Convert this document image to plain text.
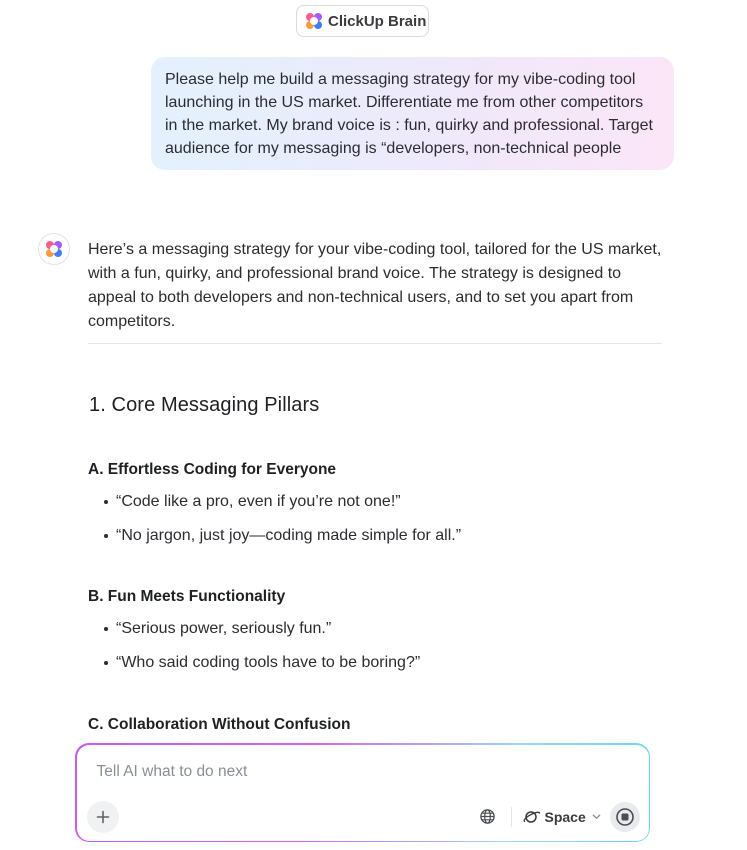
ClickUp Brain
Please help me build a messaging strategy for my vibe-coding tool launching in the US market. Differentiate me from other competitors in the market. My brand voice is : fun, quirky and professional. Target audience for my messaging is “developers, non-technical people

Here’s a messaging strategy for your vibe-coding tool, tailored for the US market, with a fun, quirky, and professional brand voice. The strategy is designed to appeal to both developers and non-technical users, and to set you apart from competitors.

1. Core Messaging Pillars
A. Effortless Coding for Everyone
“Code like a pro, even if you’re not one!”
“No jargon, just joy—coding made simple for all.”
B. Fun Meets Functionality
“Serious power, seriously fun.”
“Who said coding tools have to be boring?”
C. Collaboration Without Confusion
Tell AI what to do next
Space
